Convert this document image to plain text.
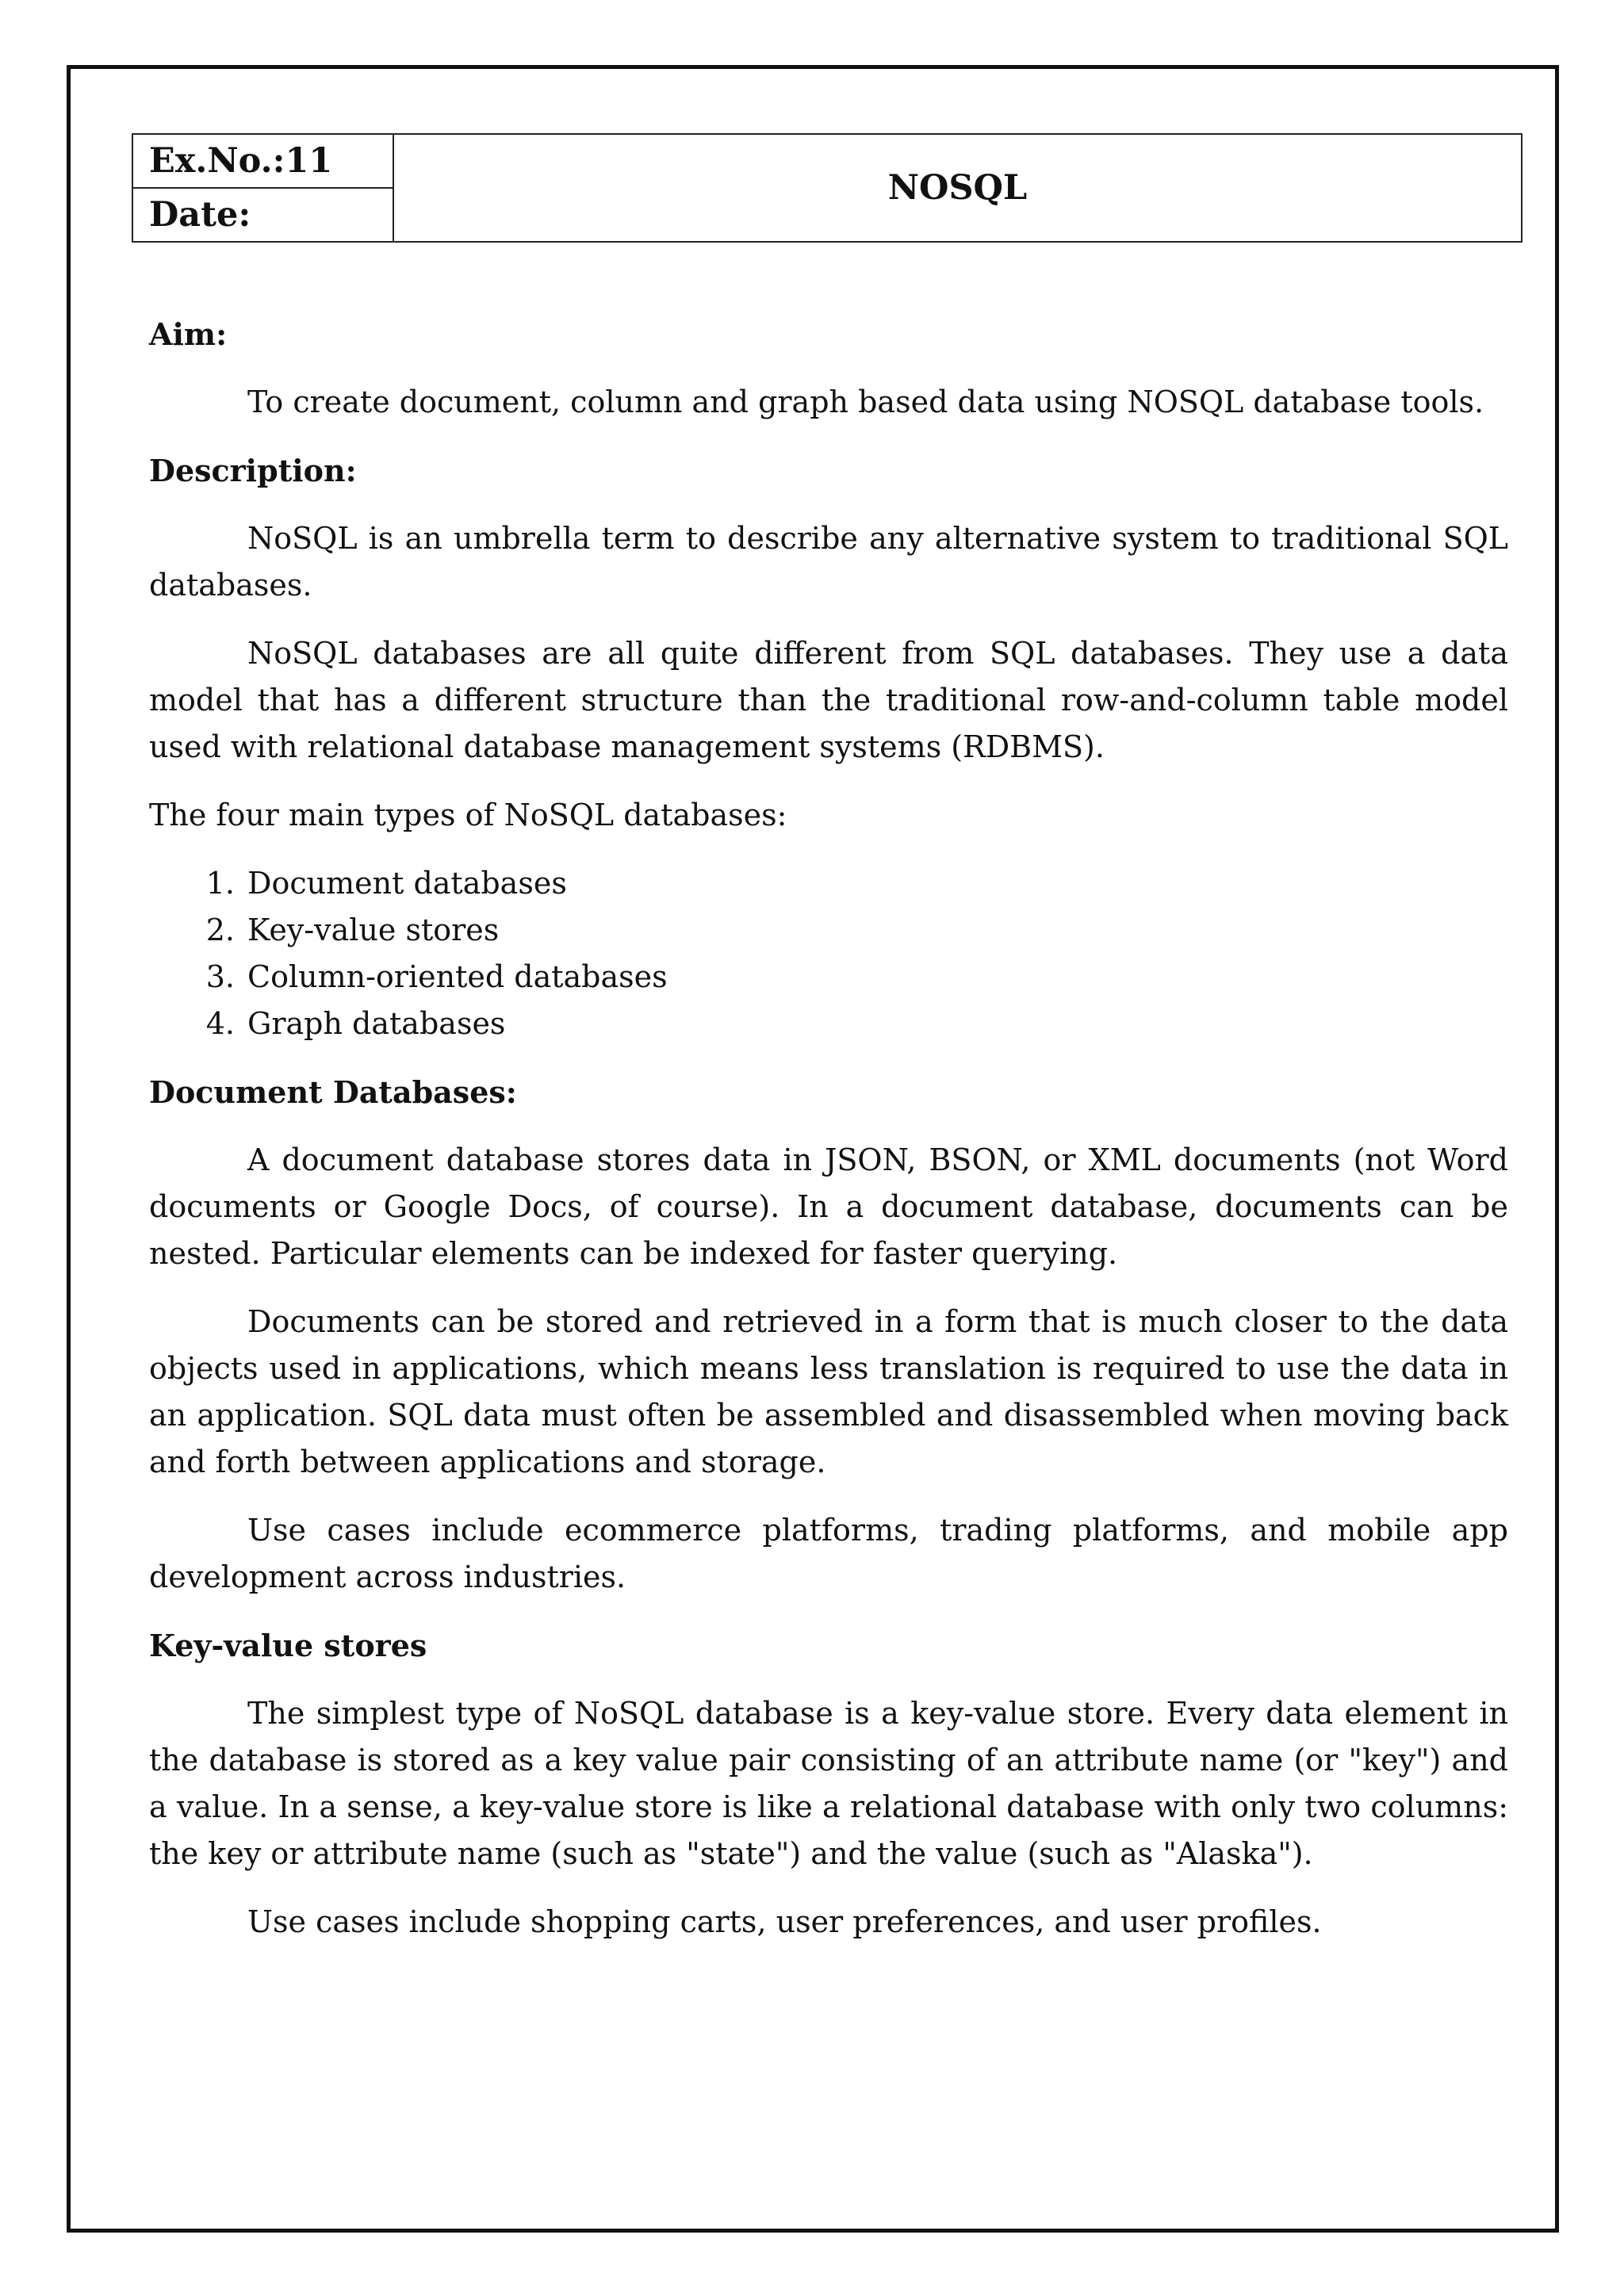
Ex.No.:11
Date:
NOSQL

Aim:

To create document, column and graph based data using NOSQL database tools.

Description:

NoSQL is an umbrella term to describe any alternative system to traditional SQL databases.

NoSQL databases are all quite different from SQL databases. They use a data model that has a different structure than the traditional row-and-column table model used with relational database management systems (RDBMS).

The four main types of NoSQL databases:

1. Document databases
2. Key-value stores
3. Column-oriented databases
4. Graph databases

Document Databases:

A document database stores data in JSON, BSON, or XML documents (not Word documents or Google Docs, of course). In a document database, documents can be nested. Particular elements can be indexed for faster querying.

Documents can be stored and retrieved in a form that is much closer to the data objects used in applications, which means less translation is required to use the data in an application. SQL data must often be assembled and disassembled when moving back and forth between applications and storage.

Use cases include ecommerce platforms, trading platforms, and mobile app development across industries.

Key-value stores

The simplest type of NoSQL database is a key-value store. Every data element in the database is stored as a key value pair consisting of an attribute name (or "key") and a value. In a sense, a key-value store is like a relational database with only two columns: the key or attribute name (such as "state") and the value (such as "Alaska").

Use cases include shopping carts, user preferences, and user profiles.
